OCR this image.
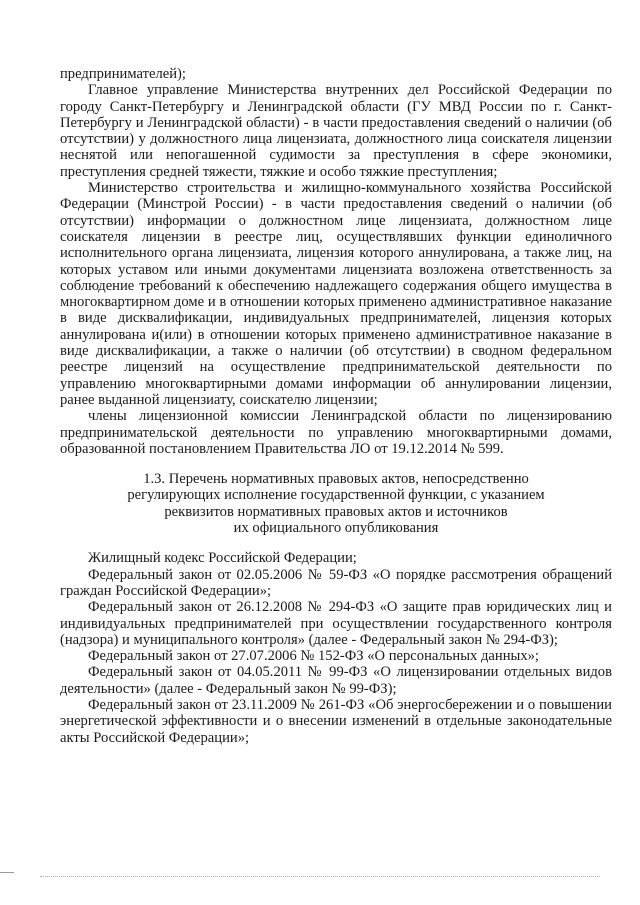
предпринимателей);

Главное управление Министерства внутренних дел Российской Федерации по городу Санкт-Петербургу и Ленинградской области (ГУ МВД России по г. Санкт-Петербургу и Ленинградской области) - в части предоставления сведений о наличии (об отсутствии) у должностного лица лицензиата, должностного лица соискателя лицензии неснятой или непогашенной судимости за преступления в сфере экономики, преступления средней тяжести, тяжкие и особо тяжкие преступления;

Министерство строительства и жилищно-коммунального хозяйства Российской Федерации (Минстрой России) - в части предоставления сведений о наличии (об отсутствии) информации о должностном лице лицензиата, должностном лице соискателя лицензии в реестре лиц, осуществлявших функции единоличного исполнительного органа лицензиата, лицензия которого аннулирована, а также лиц, на которых уставом или иными документами лицензиата возложена ответственность за соблюдение требований к обеспечению надлежащего содержания общего имущества в многоквартирном доме и в отношении которых применено административное наказание в виде дисквалификации, индивидуальных предпринимателей, лицензия которых аннулирована и(или) в отношении которых применено административное наказание в виде дисквалификации, а также о наличии (об отсутствии) в сводном федеральном реестре лицензий на осуществление предпринимательской деятельности по управлению многоквартирными домами информации об аннулировании лицензии, ранее выданной лицензиату, соискателю лицензии;

члены лицензионной комиссии Ленинградской области по лицензированию предпринимательской деятельности по управлению многоквартирными домами, образованной постановлением Правительства ЛО от 19.12.2014 № 599.

1.3. Перечень нормативных правовых актов, непосредственно
регулирующих исполнение государственной функции, с указанием
реквизитов нормативных правовых актов и источников
их официального опубликования

Жилищный кодекс Российской Федерации;

Федеральный закон от 02.05.2006 № 59-ФЗ «О порядке рассмотрения обращений граждан Российской Федерации»;

Федеральный закон от 26.12.2008 № 294-ФЗ «О защите прав юридических лиц и индивидуальных предпринимателей при осуществлении государственного контроля (надзора) и муниципального контроля» (далее - Федеральный закон № 294-ФЗ);

Федеральный закон от 27.07.2006 № 152-ФЗ «О персональных данных»;

Федеральный закон от 04.05.2011 № 99-ФЗ «О лицензировании отдельных видов деятельности» (далее - Федеральный закон № 99-ФЗ);

Федеральный закон от 23.11.2009 № 261-ФЗ «Об энергосбережении и о повышении энергетической эффективности и о внесении изменений в отдельные законодательные акты Российской Федерации»;
